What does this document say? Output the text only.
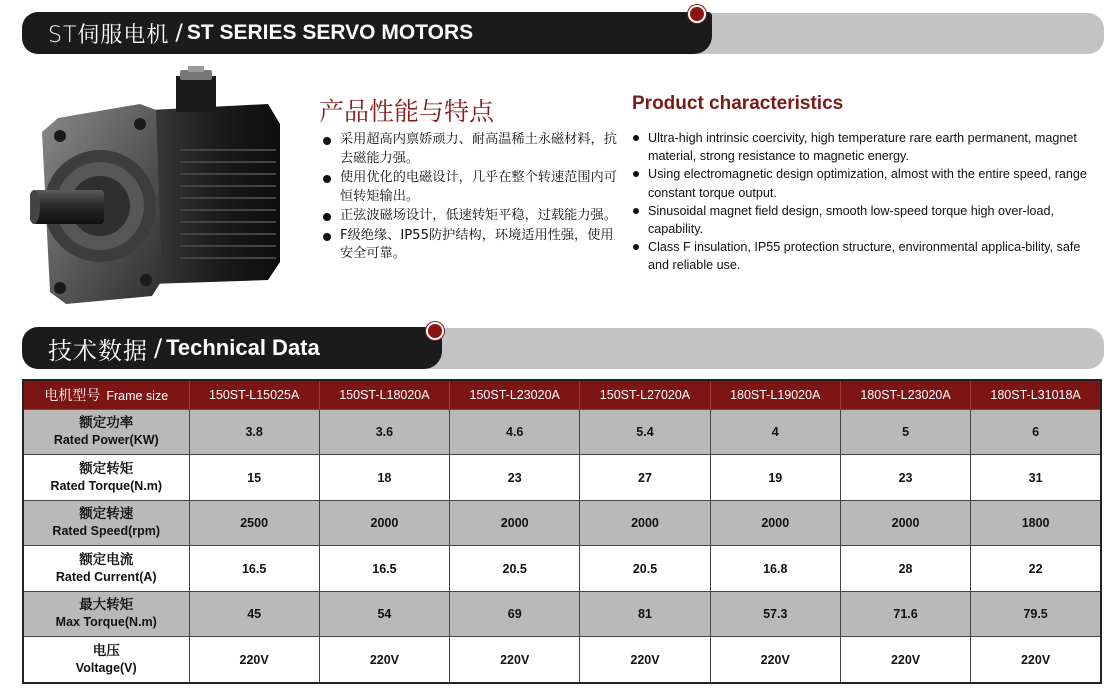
ST伺服电机 / ST SERIES SERVO MOTORS
产品性能与特点	Product characteristics
采用超高内禀娇顽力、耐高温稀土永磁材料，抗去磁能力强。
使用优化的电磁设计，几乎在整个转速范围内可恒转矩输出。
正弦波磁场设计，低速转矩平稳，过载能力强。
F级绝缘、IP55防护结构，环境适用性强，使用安全可靠。
Ultra-high intrinsic coercivity, high temperature rare earth permanent, magnet material, strong resistance to magnetic energy.
Using electromagnetic design optimization, almost with the entire speed, range constant torque output.
Sinusoidal magnet field design, smooth low-speed torque high over-load, capability.
Class F insulation, IP55 protection structure, environmental applica-bility, safe and reliable use.
技术数据 / Technical Data
电机型号 Frame size	150ST-L15025A	150ST-L18020A	150ST-L23020A	150ST-L27020A	180ST-L19020A	180ST-L23020A	180ST-L31018A

额定功率
Rated Power(KW)	3.8	3.6	4.6	5.4	4	5	6

额定转矩
Rated Torque(N.m)	15	18	23	27	19	23	31

额定转速
Rated Speed(rpm)	2500	2000	2000	2000	2000	2000	1800

额定电流
Rated Current(A)	16.5	16.5	20.5	20.5	16.8	28	22

最大转矩
Max Torque(N.m)	45	54	69	81	57.3	71.6	79.5

电压
Voltage(V)	220V	220V	220V	220V	220V	220V	220V
